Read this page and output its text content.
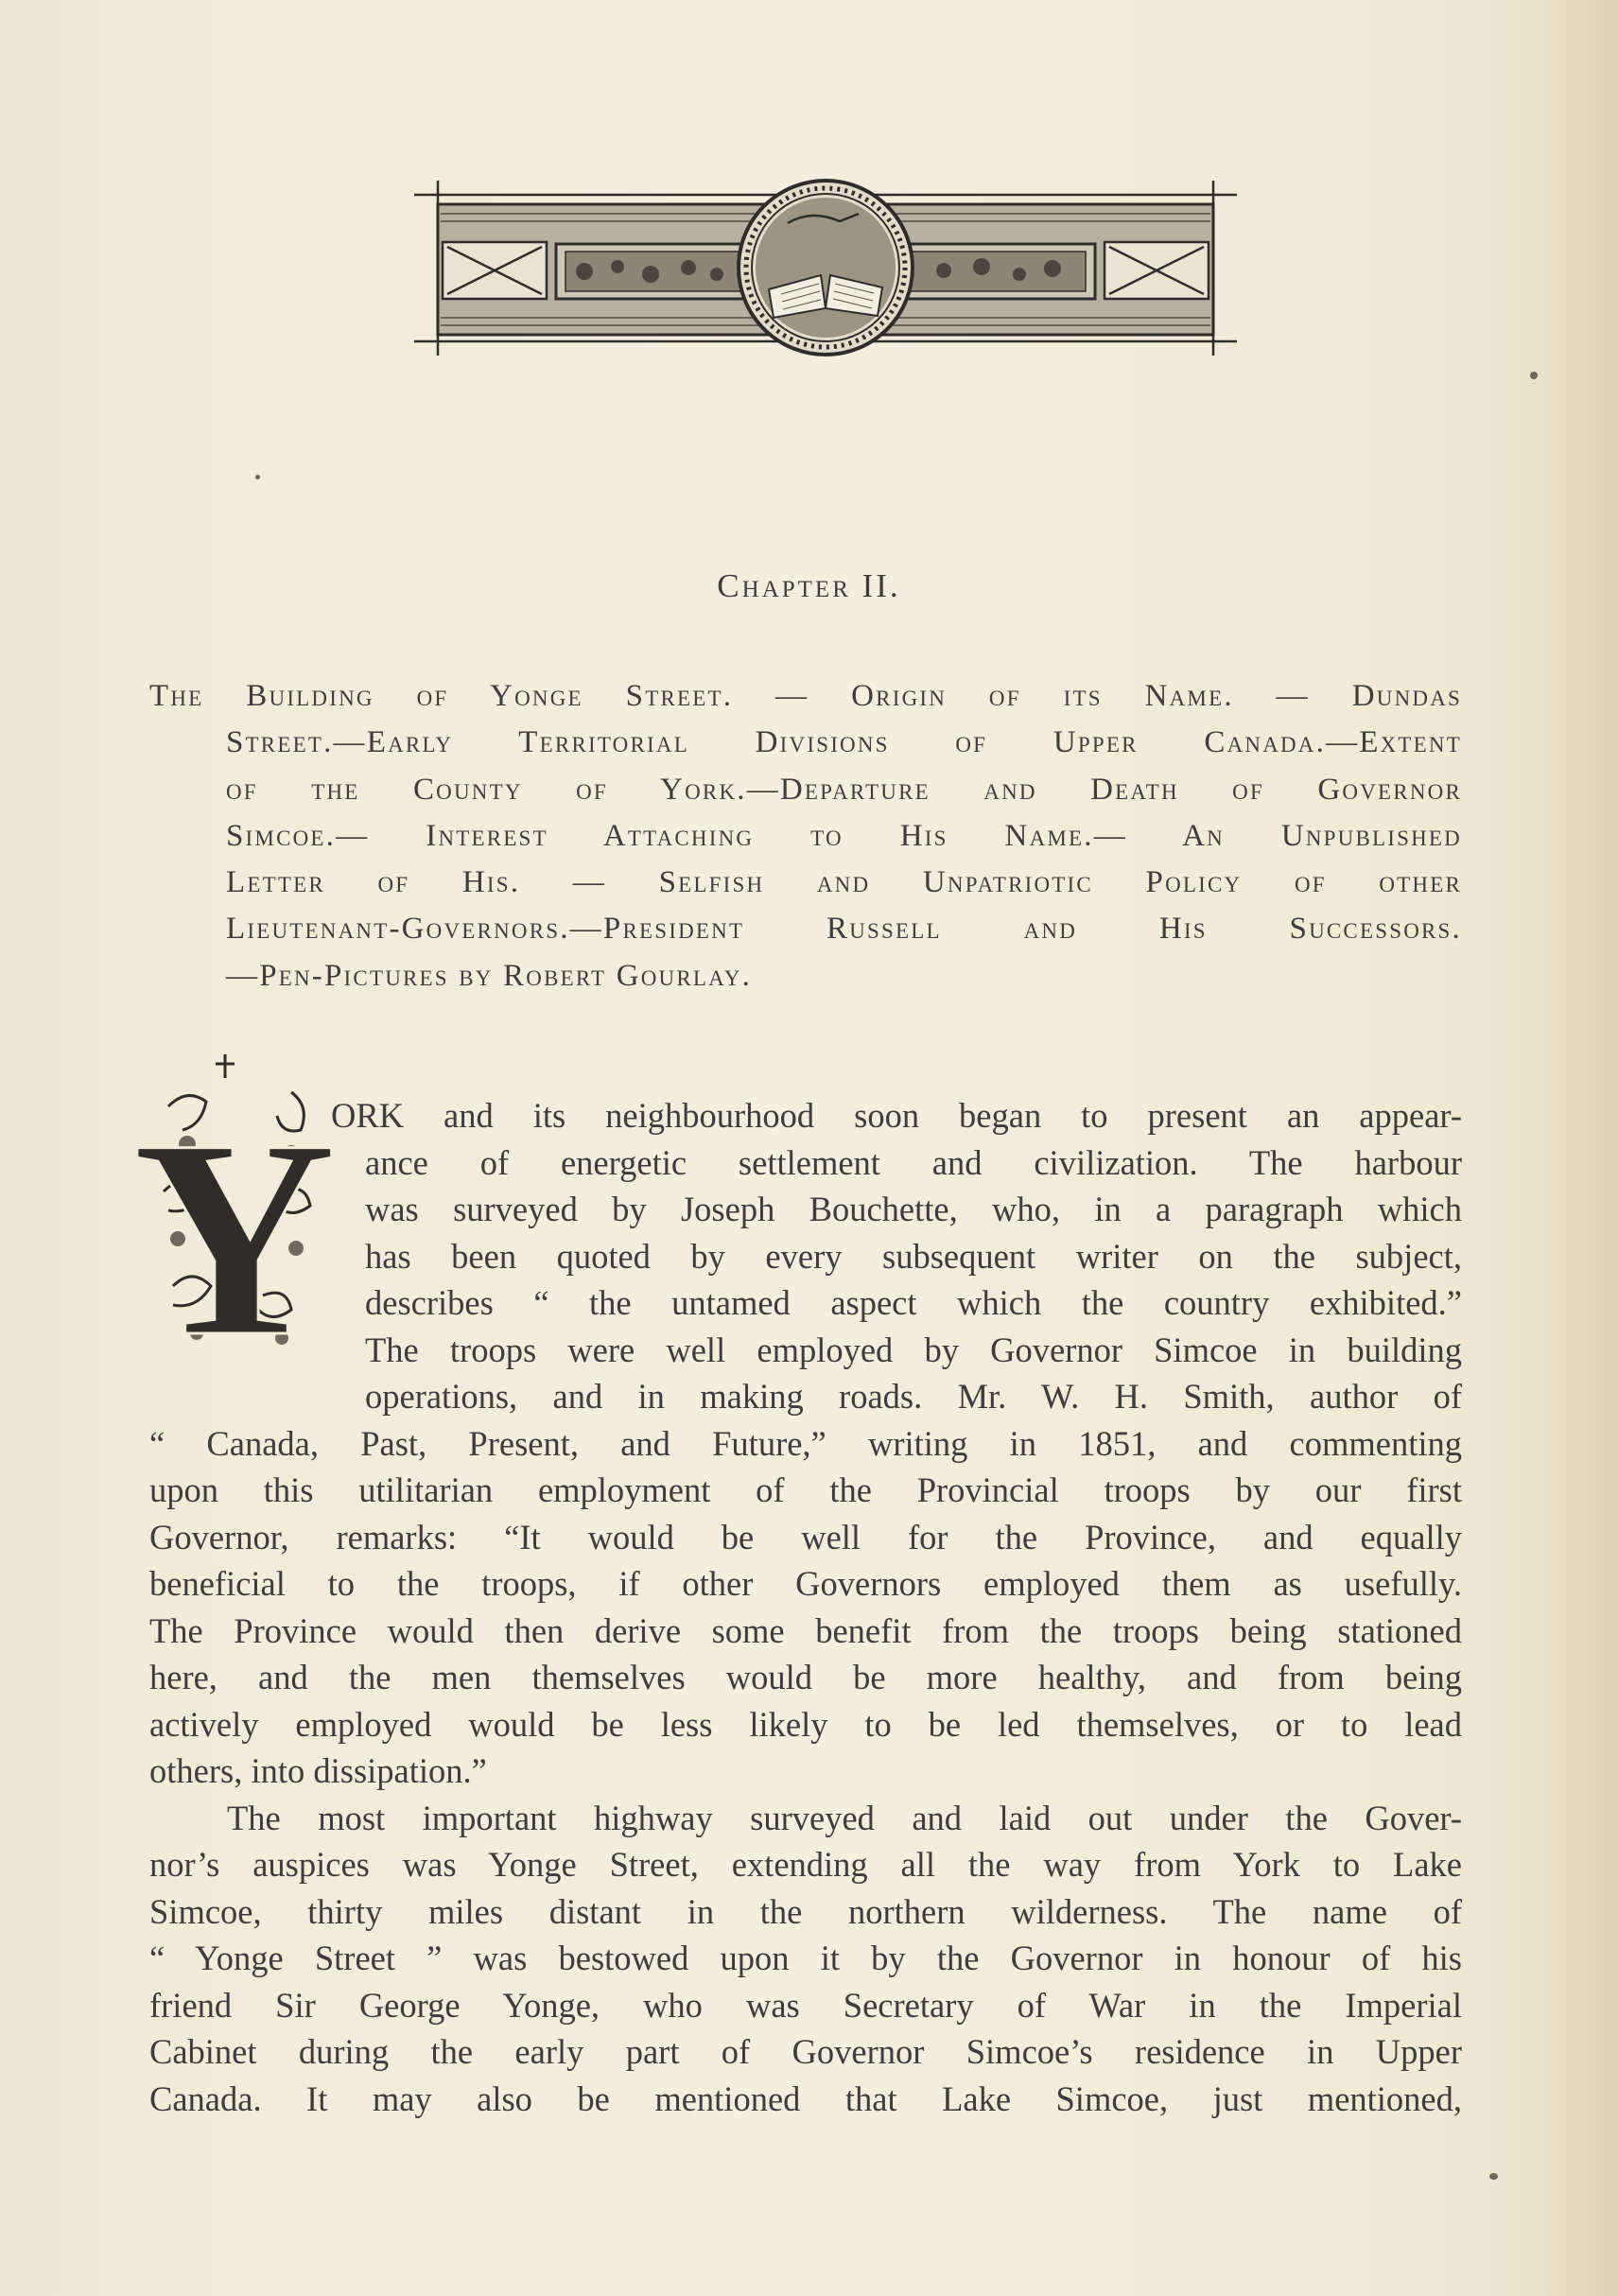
Chapter II.
The Building of Yonge Street. — Origin of its Name. — Dundas
Street.—Early Territorial Divisions of Upper Canada.—Extent
of the County of York.—Departure and Death of Governor
Simcoe.— Interest Attaching to His Name.— An Unpublished
Letter of His. — Selfish and Unpatriotic Policy of other
Lieutenant-Governors.—President Russell and His Successors.
—Pen-Pictures by Robert Gourlay.
Y
ORK and its neighbourhood soon began to present an appear-
ance of energetic settlement and civilization. The harbour
was surveyed by Joseph Bouchette, who, in a paragraph which
has been quoted by every subsequent writer on the subject,
describes “ the untamed aspect which the country exhibited.”
The troops were well employed by Governor Simcoe in building
operations, and in making roads. Mr. W. H. Smith, author of
“ Canada, Past, Present, and Future,” writing in 1851, and commenting
upon this utilitarian employment of the Provincial troops by our first
Governor, remarks: “It would be well for the Province, and equally
beneficial to the troops, if other Governors employed them as usefully.
The Province would then derive some benefit from the troops being stationed
here, and the men themselves would be more healthy, and from being
actively employed would be less likely to be led themselves, or to lead
others, into dissipation.”
The most important highway surveyed and laid out under the Gover-
nor’s auspices was Yonge Street, extending all the way from York to Lake
Simcoe, thirty miles distant in the northern wilderness. The name of
“ Yonge Street ” was bestowed upon it by the Governor in honour of his
friend Sir George Yonge, who was Secretary of War in the Imperial
Cabinet during the early part of Governor Simcoe’s residence in Upper
Canada. It may also be mentioned that Lake Simcoe, just mentioned,
